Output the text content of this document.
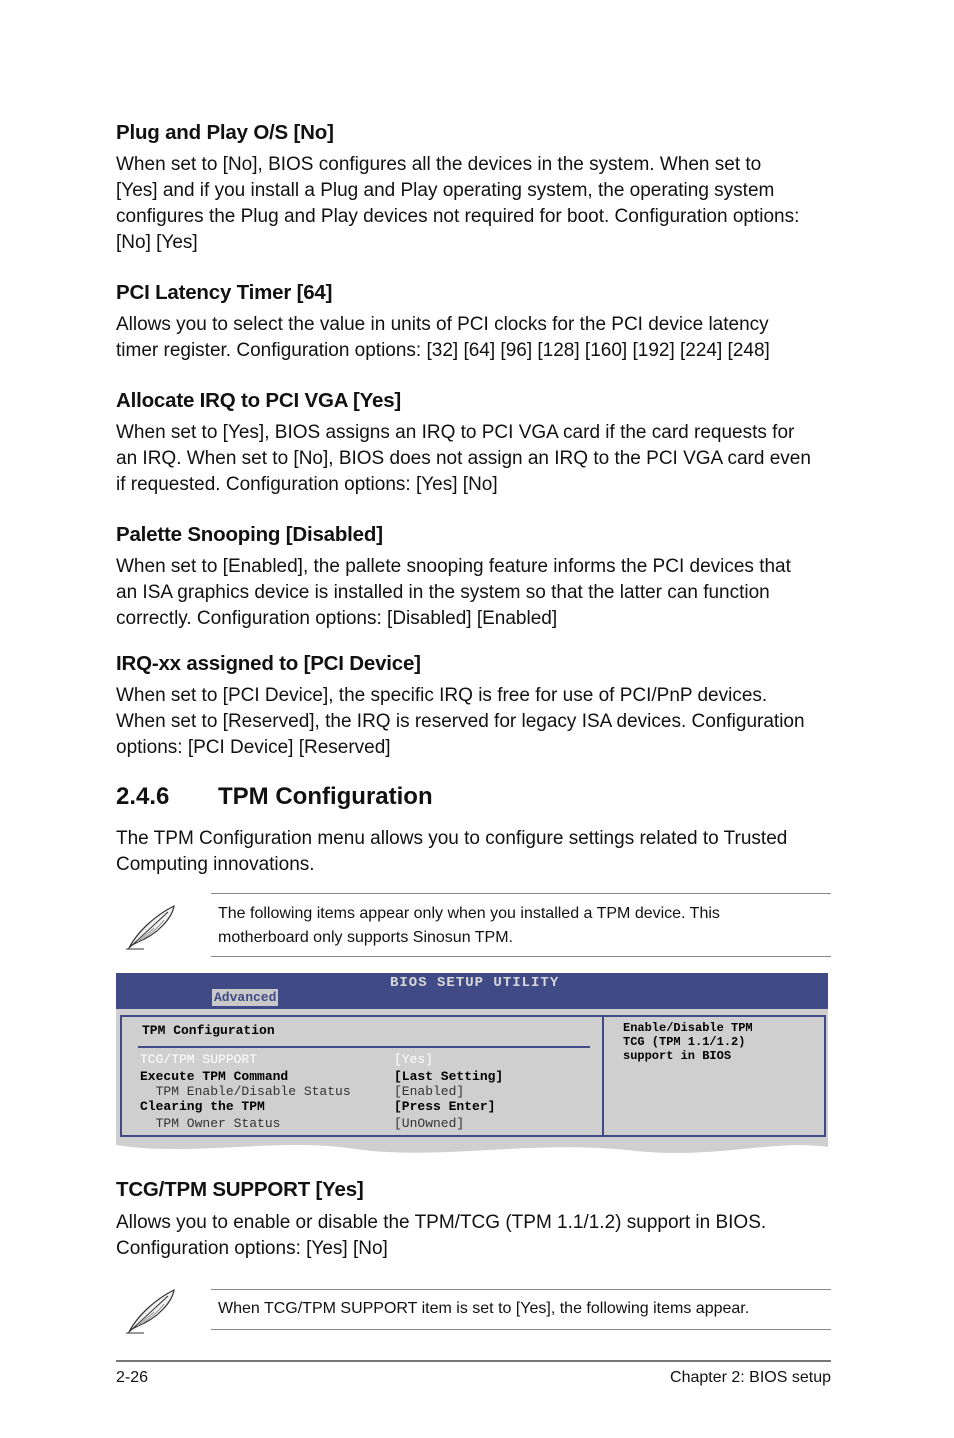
Plug and Play O/S [No]

When set to [No], BIOS configures all the devices in the system. When set to

[Yes] and if you install a Plug and Play operating system, the operating system

configures the Plug and Play devices not required for boot. Configuration options:

[No] [Yes]

PCI Latency Timer [64]

Allows you to select the value in units of PCI clocks for the PCI device latency

timer register. Configuration options: [32] [64] [96] [128] [160] [192] [224] [248]

Allocate IRQ to PCI VGA [Yes]

When set to [Yes], BIOS assigns an IRQ to PCI VGA card if the card requests for

an IRQ. When set to [No], BIOS does not assign an IRQ to the PCI VGA card even

if requested. Configuration options: [Yes] [No]

Palette Snooping [Disabled]

When set to [Enabled], the pallete snooping feature informs the PCI devices that

an ISA graphics device is installed in the system so that the latter can function

correctly. Configuration options: [Disabled] [Enabled]

IRQ-xx assigned to [PCI Device]

When set to [PCI Device], the specific IRQ is free for use of PCI/PnP devices.

When set to [Reserved], the IRQ is reserved for legacy ISA devices. Configuration

options: [PCI Device] [Reserved]

2.4.6 TPM Configuration

The TPM Configuration menu allows you to configure settings related to Trusted

Computing innovations.

The following items appear only when you installed a TPM device. This
motherboard only supports Sinosun TPM.
BIOS SETUP UTILITY
Advanced
TPM Configuration
TCG/TPM SUPPORT	[Yes]
Execute TPM Command	[Last Setting]
TPM Enable/Disable Status	[Enabled]
Clearing the TPM	[Press Enter]
TPM Owner Status	[UnOwned]
Enable/Disable TPM
TCG (TPM 1.1/1.2)
support in BIOS
TCG/TPM SUPPORT [Yes]

Allows you to enable or disable the TPM/TCG (TPM 1.1/1.2) support in BIOS.

Configuration options: [Yes] [No]

When TCG/TPM SUPPORT item is set to [Yes], the following items appear.
2-26	Chapter 2: BIOS setup
